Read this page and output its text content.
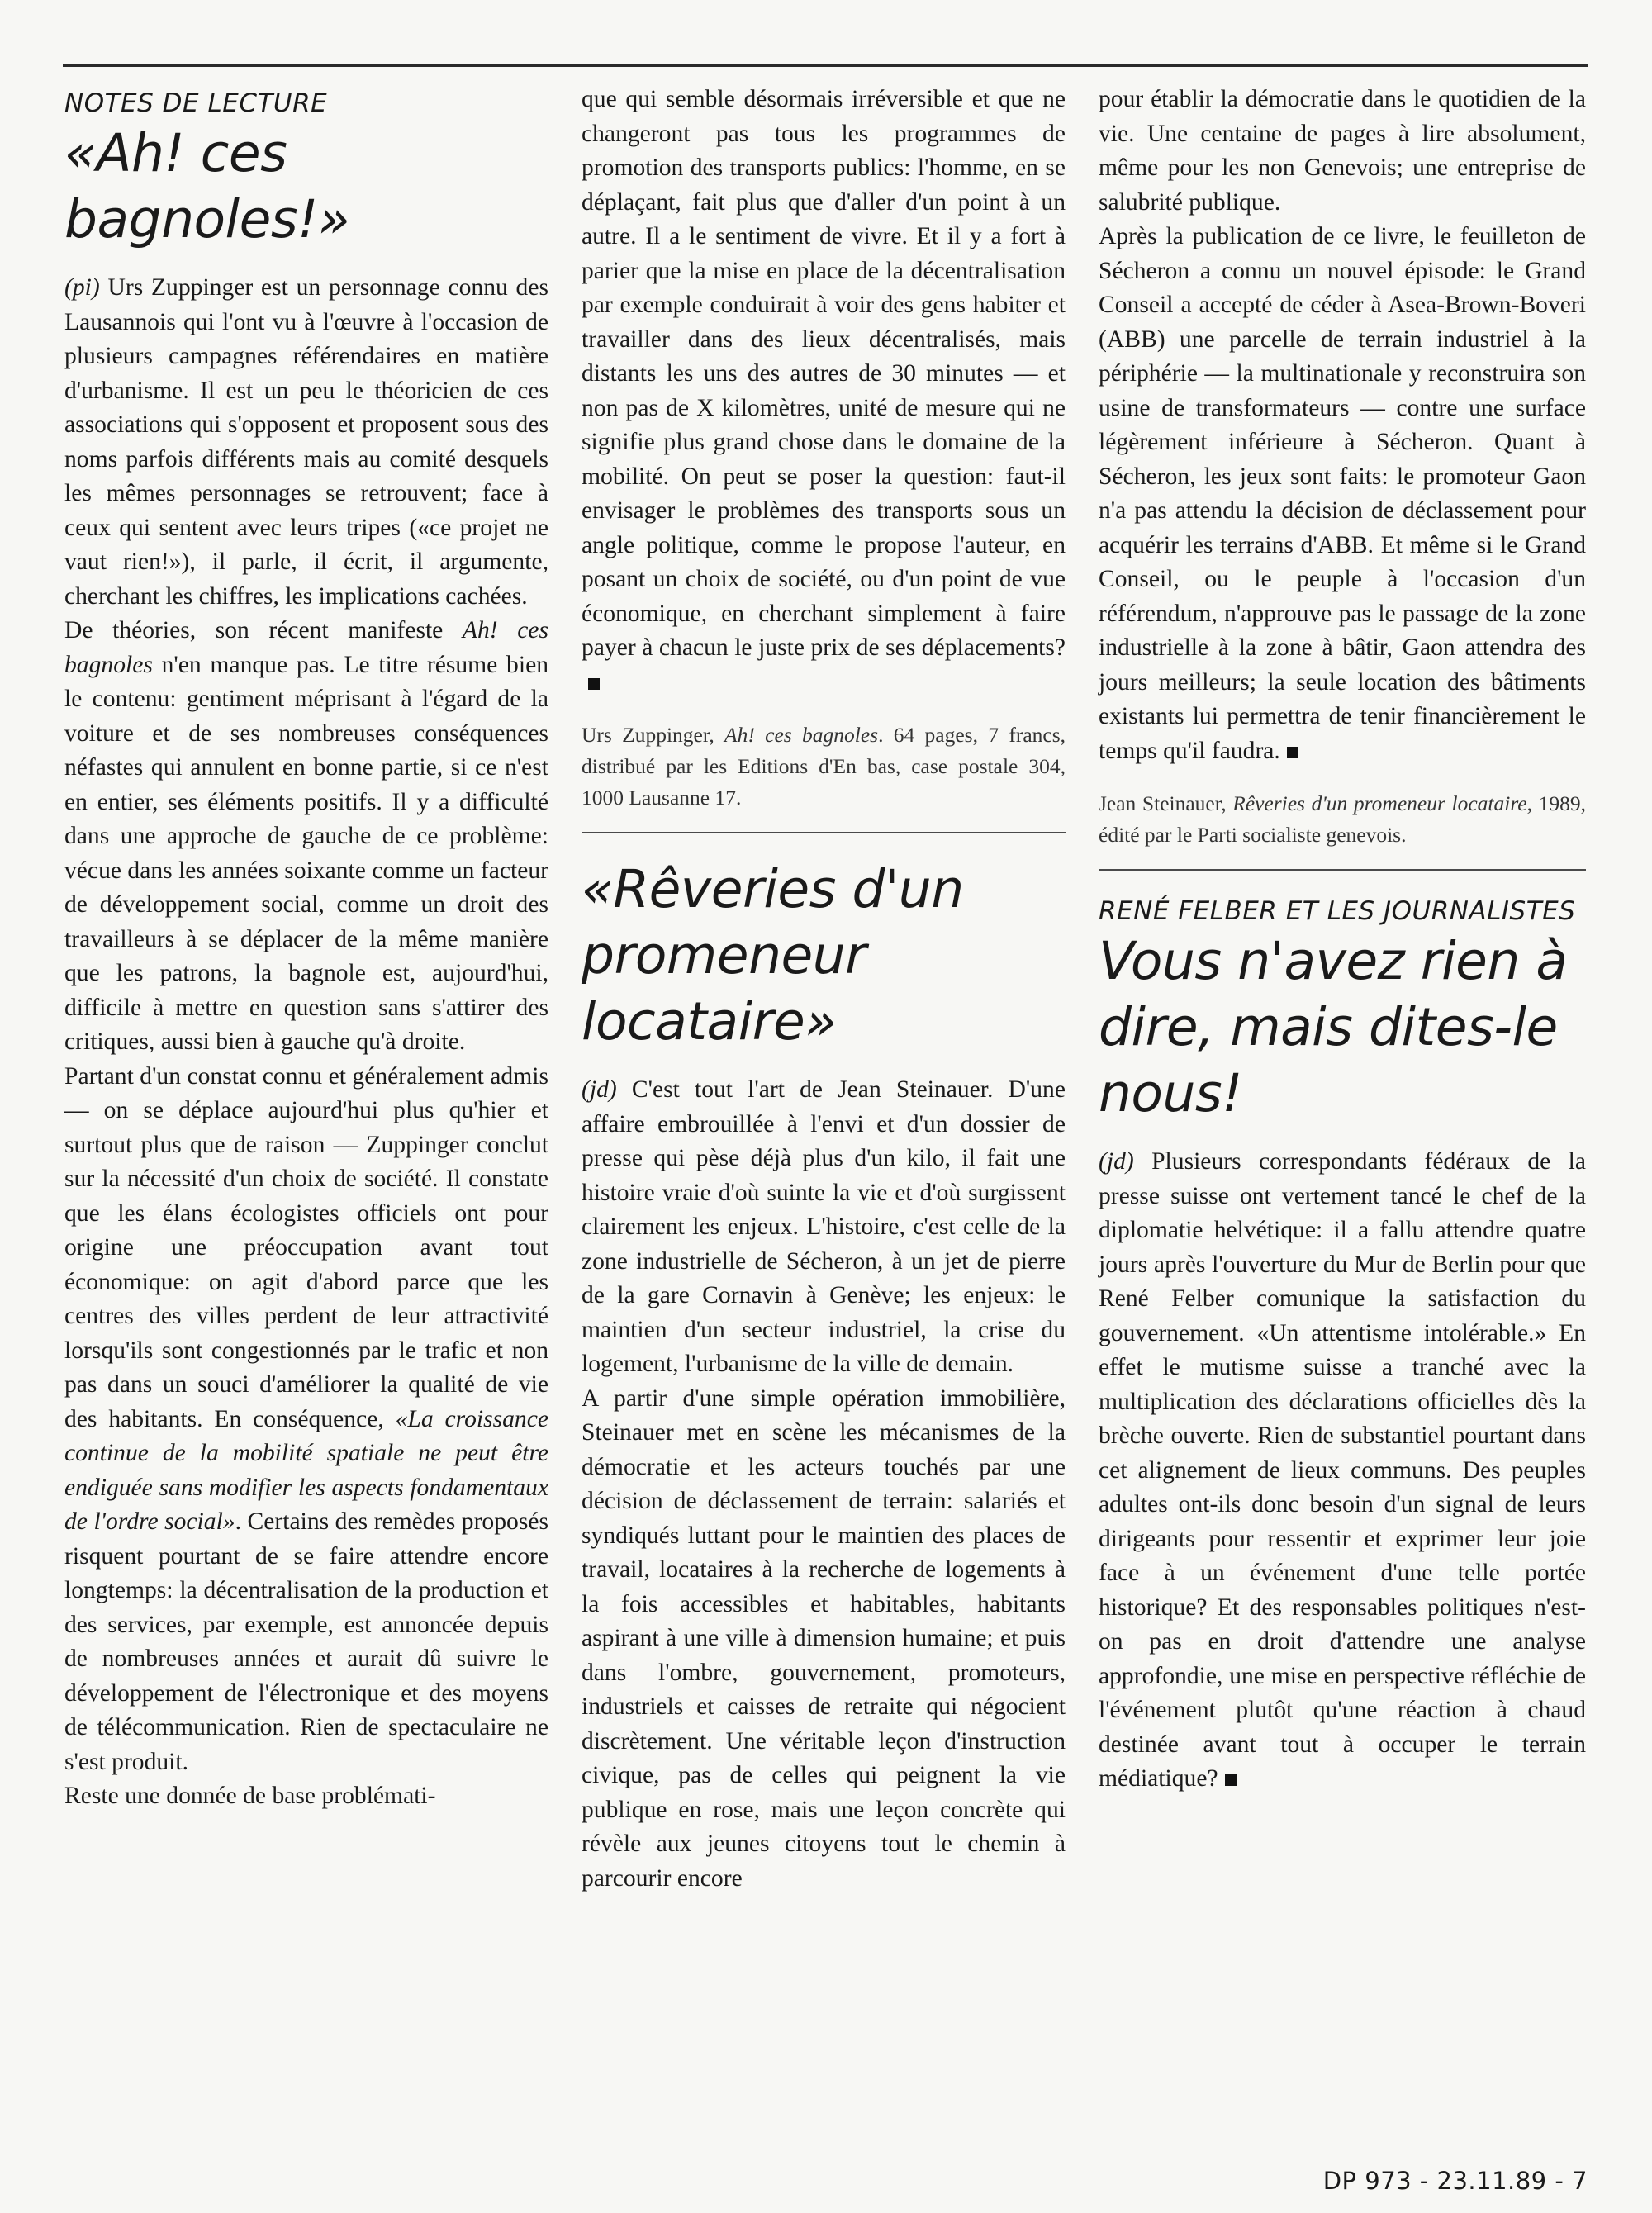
NOTES DE LECTURE
«Ah! ces bagnoles!»

(pi) Urs Zuppinger est un personnage connu des Lausannois qui l'ont vu à l'œuvre à l'occasion de plusieurs campagnes référendaires en matière d'urbanisme. Il est un peu le théoricien de ces associations qui s'opposent et proposent sous des noms parfois différents mais au comité desquels les mêmes personnages se retrouvent; face à ceux qui sentent avec leurs tripes («ce projet ne vaut rien!»), il parle, il écrit, il argumente, cherchant les chiffres, les implications cachées.

De théories, son récent manifeste Ah! ces bagnoles n'en manque pas. Le titre résume bien le contenu: gentiment méprisant à l'égard de la voiture et de ses nombreuses conséquences néfastes qui annulent en bonne partie, si ce n'est en entier, ses éléments positifs. Il y a difficulté dans une approche de gauche de ce problème: vécue dans les années soixante comme un facteur de développement social, comme un droit des travailleurs à se déplacer de la même manière que les patrons, la bagnole est, aujourd'hui, difficile à mettre en question sans s'attirer des critiques, aussi bien à gauche qu'à droite.

Partant d'un constat connu et généralement admis — on se déplace aujourd'hui plus qu'hier et surtout plus que de raison — Zuppinger conclut sur la nécessité d'un choix de société. Il constate que les élans écologistes officiels ont pour origine une préoccupation avant tout économique: on agit d'abord parce que les centres des villes perdent de leur attractivité lorsqu'ils sont congestionnés par le trafic et non pas dans un souci d'améliorer la qualité de vie des habitants. En conséquence, «La croissance continue de la mobilité spatiale ne peut être endiguée sans modifier les aspects fondamentaux de l'ordre social». Certains des remèdes proposés risquent pourtant de se faire attendre encore longtemps: la décentralisation de la production et des services, par exemple, est annoncée depuis de nombreuses années et aurait dû suivre le développement de l'électronique et des moyens de télécommunication. Rien de spectaculaire ne s'est produit.

Reste une donnée de base problémati-

que qui semble désormais irréversible et que ne changeront pas tous les programmes de promotion des transports publics: l'homme, en se déplaçant, fait plus que d'aller d'un point à un autre. Il a le sentiment de vivre. Et il y a fort à parier que la mise en place de la décentralisation par exemple conduirait à voir des gens habiter et travailler dans des lieux décentralisés, mais distants les uns des autres de 30 minutes — et non pas de X kilomètres, unité de mesure qui ne signifie plus grand chose dans le domaine de la mobilité. On peut se poser la question: faut-il envisager le problèmes des transports sous un angle politique, comme le propose l'auteur, en posant un choix de société, ou d'un point de vue économique, en cherchant simplement à faire payer à chacun le juste prix de ses déplacements?

Urs Zuppinger, Ah! ces bagnoles. 64 pages, 7 francs, distribué par les Editions d'En bas, case postale 304, 1000 Lausanne 17.

«Rêveries d'un promeneur locataire»

(jd) C'est tout l'art de Jean Steinauer. D'une affaire embrouillée à l'envi et d'un dossier de presse qui pèse déjà plus d'un kilo, il fait une histoire vraie d'où suinte la vie et d'où surgissent clairement les enjeux. L'histoire, c'est celle de la zone industrielle de Sécheron, à un jet de pierre de la gare Cornavin à Genève; les enjeux: le maintien d'un secteur industriel, la crise du logement, l'urbanisme de la ville de demain.

A partir d'une simple opération immobilière, Steinauer met en scène les mécanismes de la démocratie et les acteurs touchés par une décision de déclassement de terrain: salariés et syndiqués luttant pour le maintien des places de travail, locataires à la recherche de logements à la fois accessibles et habitables, habitants aspirant à une ville à dimension humaine; et puis dans l'ombre, gouvernement, promoteurs, industriels et caisses de retraite qui négocient discrètement. Une véritable leçon d'instruction civique, pas de celles qui peignent la vie publique en rose, mais une leçon concrète qui révèle aux jeunes citoyens tout le chemin à parcourir encore

pour établir la démocratie dans le quotidien de la vie. Une centaine de pages à lire absolument, même pour les non Genevois; une entreprise de salubrité publique.

Après la publication de ce livre, le feuilleton de Sécheron a connu un nouvel épisode: le Grand Conseil a accepté de céder à Asea-Brown-Boveri (ABB) une parcelle de terrain industriel à la périphérie — la multinationale y reconstruira son usine de transformateurs — contre une surface légèrement inférieure à Sécheron. Quant à Sécheron, les jeux sont faits: le promoteur Gaon n'a pas attendu la décision de déclassement pour acquérir les terrains d'ABB. Et même si le Grand Conseil, ou le peuple à l'occasion d'un référendum, n'approuve pas le passage de la zone industrielle à la zone à bâtir, Gaon attendra des jours meilleurs; la seule location des bâtiments existants lui permettra de tenir financièrement le temps qu'il faudra.

Jean Steinauer, Rêveries d'un promeneur locataire, 1989, édité par le Parti socialiste genevois.

RENÉ FELBER ET LES JOURNALISTES
Vous n'avez rien à dire, mais dites-le nous!

(jd) Plusieurs correspondants fédéraux de la presse suisse ont vertement tancé le chef de la diplomatie helvétique: il a fallu attendre quatre jours après l'ouverture du Mur de Berlin pour que René Felber comunique la satisfaction du gouvernement. «Un attentisme intolérable.» En effet le mutisme suisse a tranché avec la multiplication des déclarations officielles dès la brèche ouverte. Rien de substantiel pourtant dans cet alignement de lieux communs. Des peuples adultes ont-ils donc besoin d'un signal de leurs dirigeants pour ressentir et exprimer leur joie face à un événement d'une telle portée historique? Et des responsables politiques n'est-on pas en droit d'attendre une analyse approfondie, une mise en perspective réfléchie de l'événement plutôt qu'une réaction à chaud destinée avant tout à occuper le terrain médiatique?

DP 973 - 23.11.89 - 7
